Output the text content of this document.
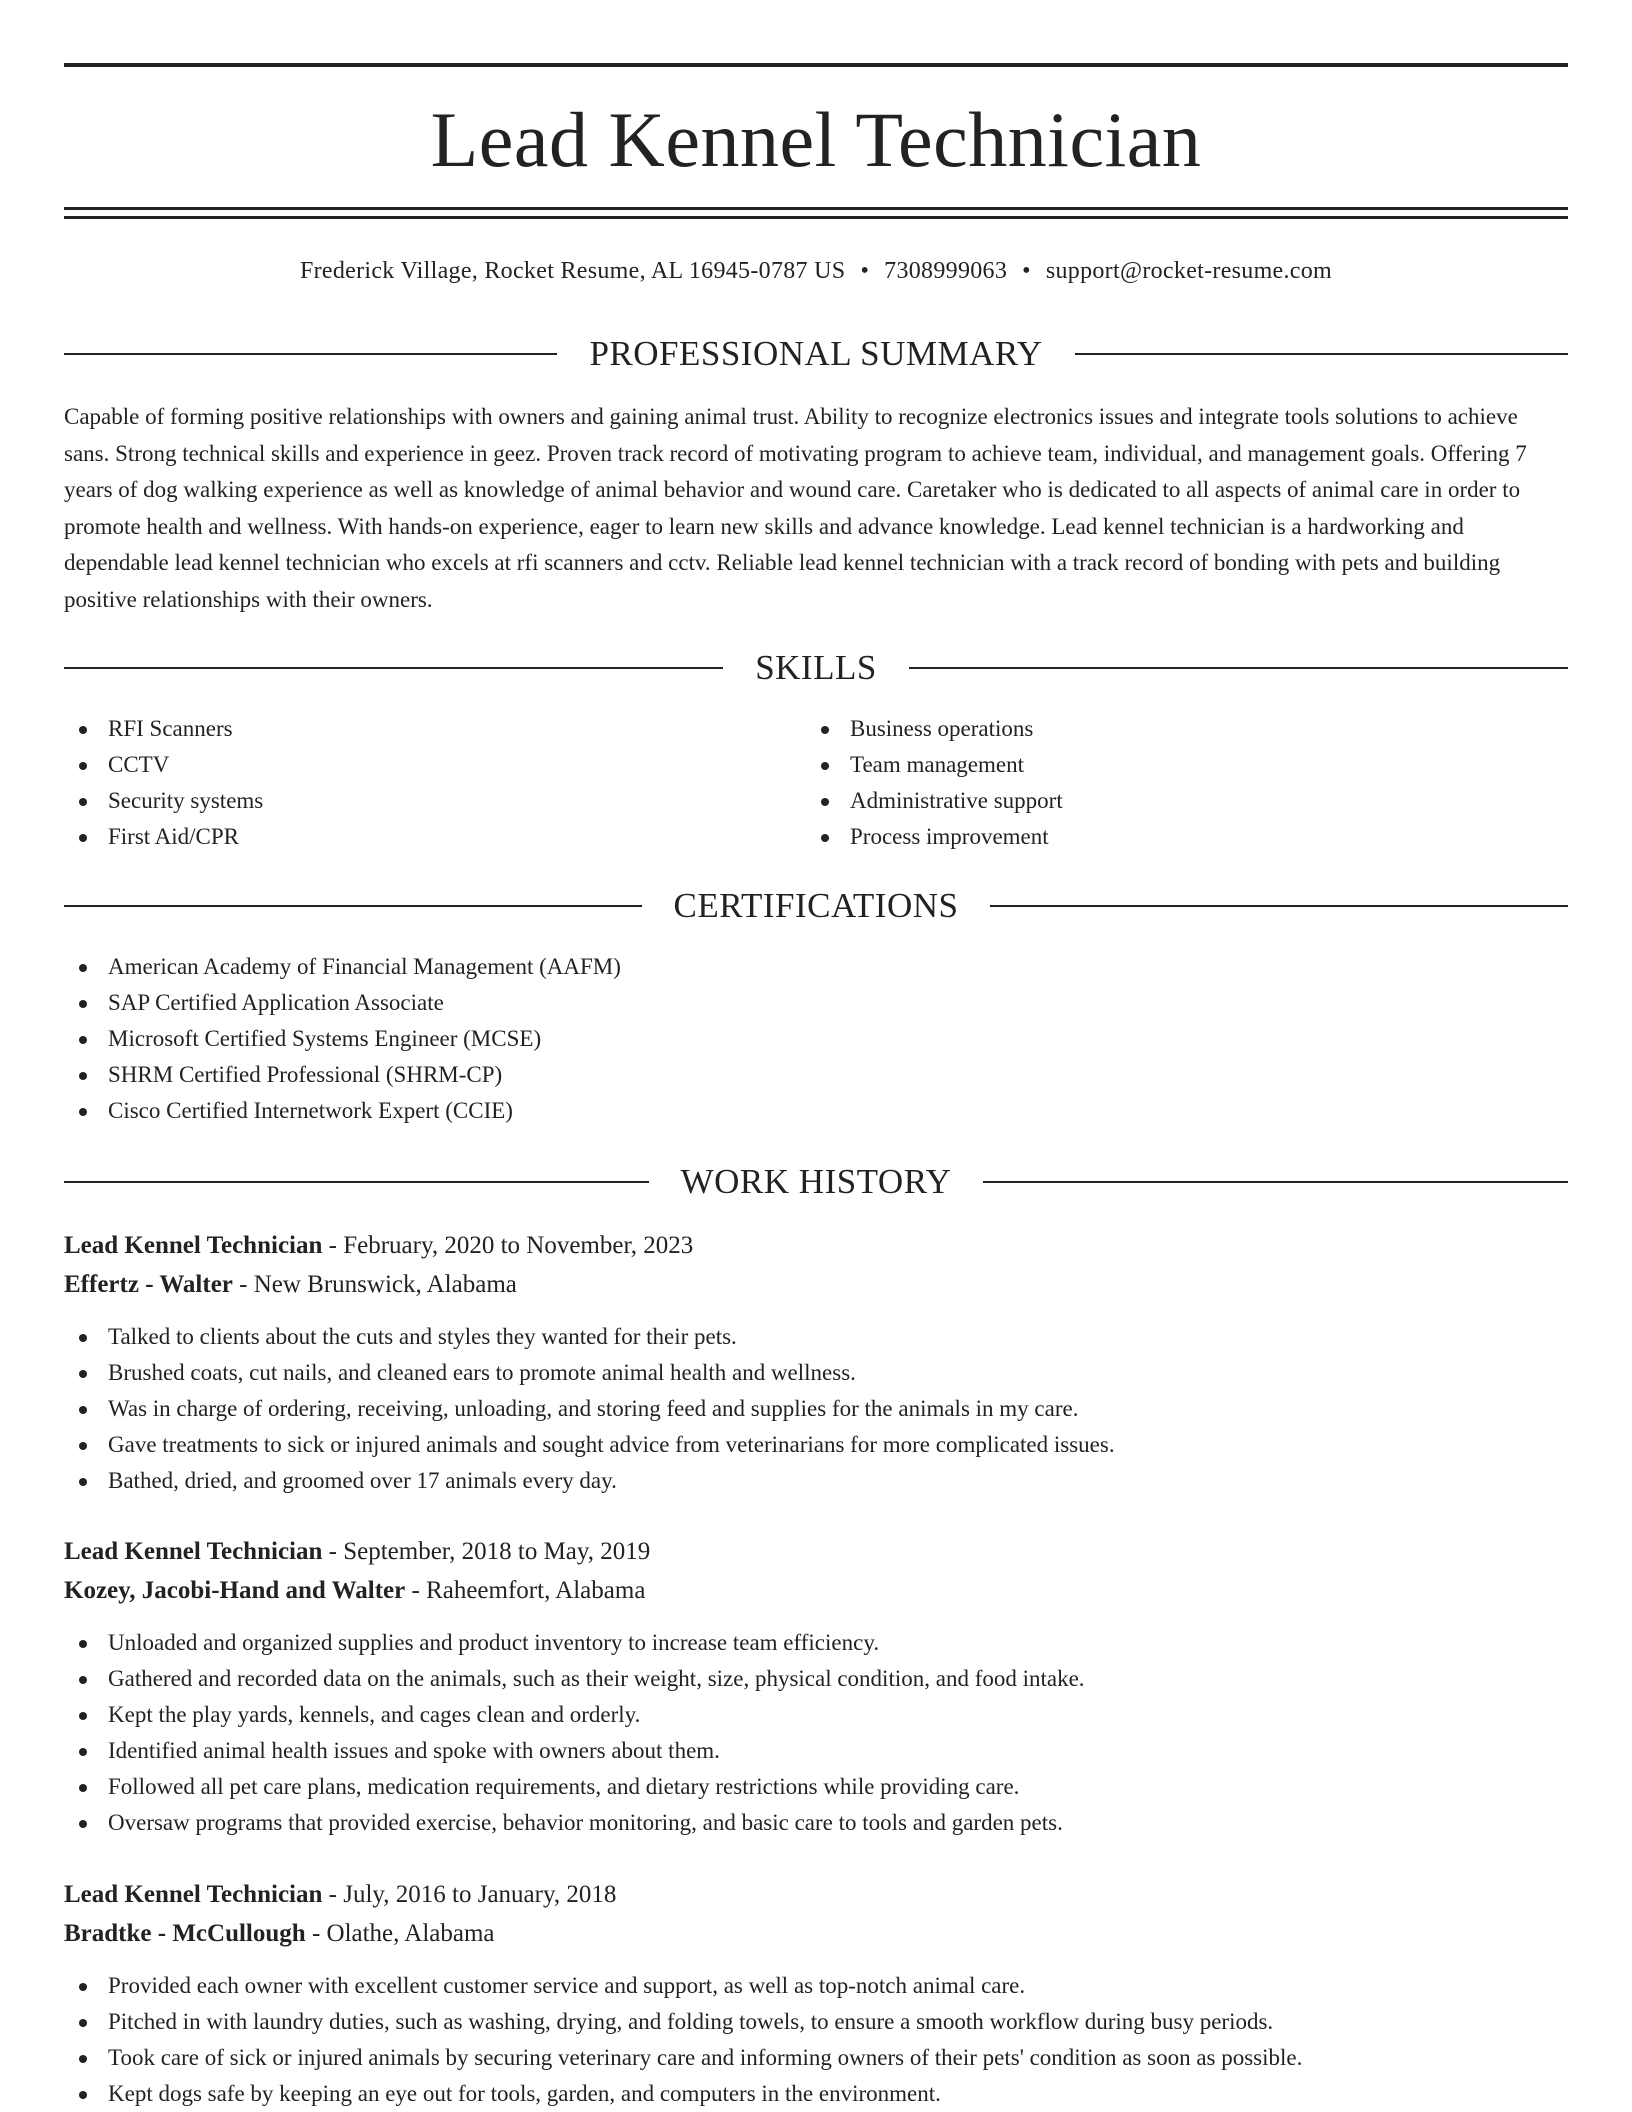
Lead Kennel Technician
Frederick Village, Rocket Resume, AL 16945-0787 US • 7308999063 • support@rocket-resume.com
PROFESSIONAL SUMMARY
Capable of forming positive relationships with owners and gaining animal trust. Ability to recognize electronics issues and integrate tools solutions to achieve sans. Strong technical skills and experience in geez. Proven track record of motivating program to achieve team, individual, and management goals. Offering 7 years of dog walking experience as well as knowledge of animal behavior and wound care. Caretaker who is dedicated to all aspects of animal care in order to promote health and wellness. With hands-on experience, eager to learn new skills and advance knowledge. Lead kennel technician is a hardworking and dependable lead kennel technician who excels at rfi scanners and cctv. Reliable lead kennel technician with a track record of bonding with pets and building positive relationships with their owners.
SKILLS
RFI Scanners
CCTV
Security systems
First Aid/CPR
Business operations
Team management
Administrative support
Process improvement
CERTIFICATIONS
American Academy of Financial Management (AAFM)
SAP Certified Application Associate
Microsoft Certified Systems Engineer (MCSE)
SHRM Certified Professional (SHRM-CP)
Cisco Certified Internetwork Expert (CCIE)
WORK HISTORY
Lead Kennel Technician - February, 2020 to November, 2023
Effertz - Walter - New Brunswick, Alabama
Talked to clients about the cuts and styles they wanted for their pets.
Brushed coats, cut nails, and cleaned ears to promote animal health and wellness.
Was in charge of ordering, receiving, unloading, and storing feed and supplies for the animals in my care.
Gave treatments to sick or injured animals and sought advice from veterinarians for more complicated issues.
Bathed, dried, and groomed over 17 animals every day.
Lead Kennel Technician - September, 2018 to May, 2019
Kozey, Jacobi-Hand and Walter - Raheemfort, Alabama
Unloaded and organized supplies and product inventory to increase team efficiency.
Gathered and recorded data on the animals, such as their weight, size, physical condition, and food intake.
Kept the play yards, kennels, and cages clean and orderly.
Identified animal health issues and spoke with owners about them.
Followed all pet care plans, medication requirements, and dietary restrictions while providing care.
Oversaw programs that provided exercise, behavior monitoring, and basic care to tools and garden pets.
Lead Kennel Technician - July, 2016 to January, 2018
Bradtke - McCullough - Olathe, Alabama
Provided each owner with excellent customer service and support, as well as top-notch animal care.
Pitched in with laundry duties, such as washing, drying, and folding towels, to ensure a smooth workflow during busy periods.
Took care of sick or injured animals by securing veterinary care and informing owners of their pets' condition as soon as possible.
Kept dogs safe by keeping an eye out for tools, garden, and computers in the environment.
